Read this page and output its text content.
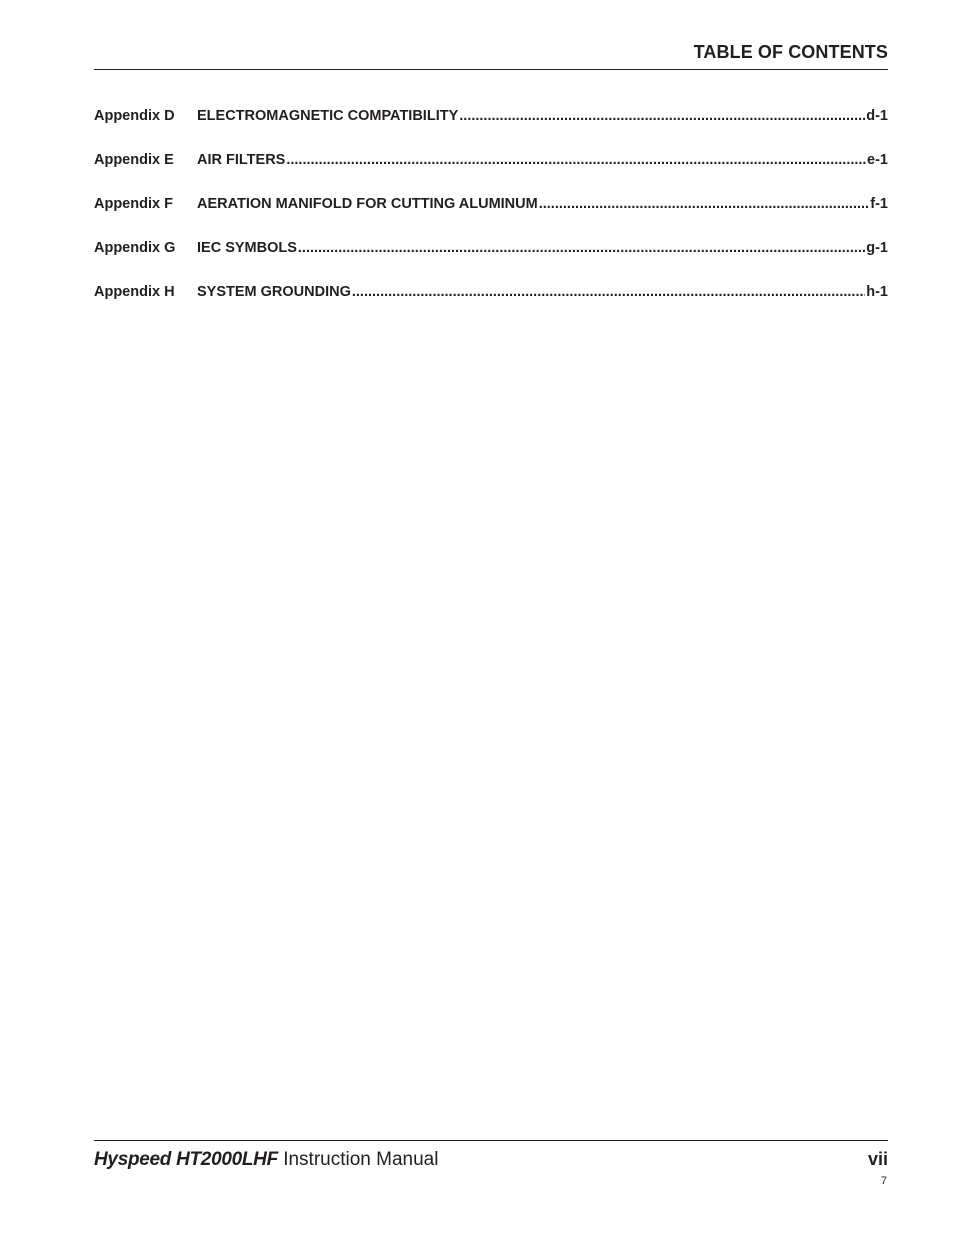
TABLE OF CONTENTS
Appendix D	ELECTROMAGNETIC COMPATIBILITY .....	d-1
Appendix E	AIR FILTERS .....	e-1
Appendix F	AERATION MANIFOLD FOR CUTTING ALUMINUM .....	f-1
Appendix G	IEC SYMBOLS .....	g-1
Appendix H	SYSTEM GROUNDING .....	h-1
Hyspeed HT2000LHF Instruction Manual	vii
7
